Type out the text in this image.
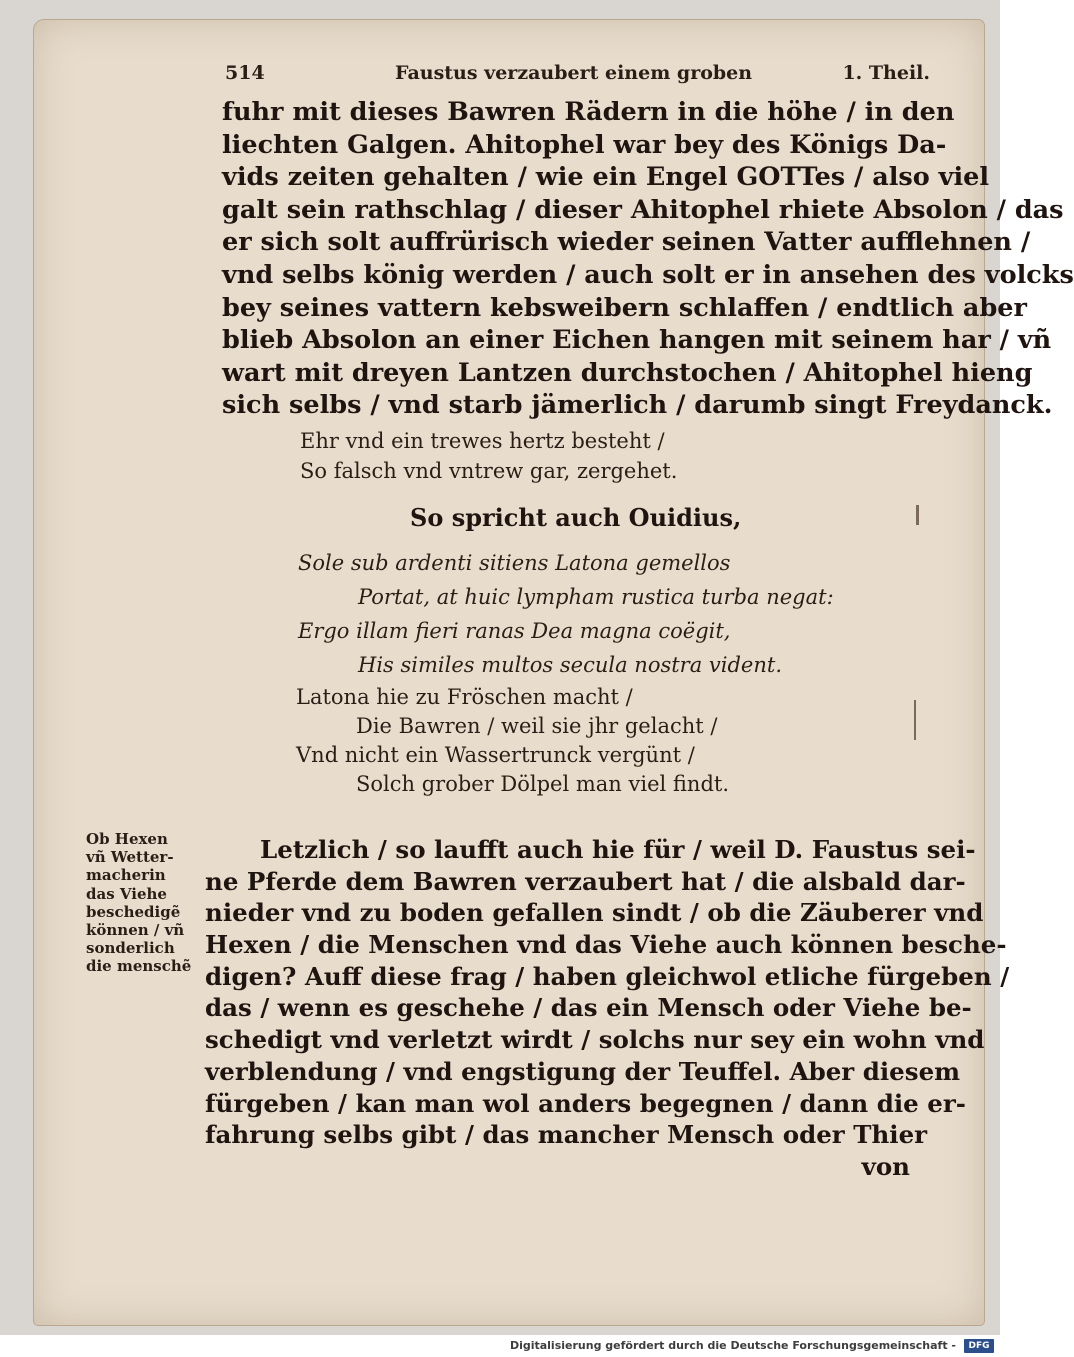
514	Faustus verzaubert einem groben	1. Theil.
fuhr mit dieses Bawren Rädern in die höhe / in den
liechten Galgen. Ahitophel war bey des Königs Da-
vids zeiten gehalten / wie ein Engel GOTTes / also viel
galt sein rathschlag / dieser Ahitophel rhiete Absolon / das
er sich solt auffrürisch wieder seinen Vatter aufflehnen /
vnd selbs könig werden / auch solt er in ansehen des volcks
bey seines vattern kebsweibern schlaffen / endtlich aber
blieb Absolon an einer Eichen hangen mit seinem har / vñ
wart mit dreyen Lantzen durchstochen / Ahitophel hieng
sich selbs / vnd starb jämerlich / darumb singt Freydanck.
Ehr vnd ein trewes hertz besteht /
So falsch vnd vntrew gar, zergehet.
So spricht auch Ouidius,
Sole sub ardenti sitiens Latona gemellos
Portat, at huic lympham rustica turba negat:
Ergo illam fieri ranas Dea magna coëgit,
His similes multos secula nostra vident.
Latona hie zu Fröschen macht /
Die Bawren / weil sie jhr gelacht /
Vnd nicht ein Wassertrunck vergünt /
Solch grober Dölpel man viel findt.
Ob Hexen
vñ Wetter-
macherin
das Viehe
beschedigẽ
können / vñ
sonderlich
die menschẽ
Letzlich / so laufft auch hie für / weil D. Faustus sei-
ne Pferde dem Bawren verzaubert hat / die alsbald dar-
nieder vnd zu boden gefallen sindt / ob die Zäuberer vnd
Hexen / die Menschen vnd das Viehe auch können besche-
digen? Auff diese frag / haben gleichwol etliche fürgeben /
das / wenn es geschehe / das ein Mensch oder Viehe be-
schedigt vnd verletzt wirdt / solchs nur sey ein wohn vnd
verblendung / vnd engstigung der Teuffel. Aber diesem
fürgeben / kan man wol anders begegnen / dann die er-
fahrung selbs gibt / das mancher Mensch oder Thier
von
Digitalisierung gefördert durch die Deutsche Forschungsgemeinschaft -	DFG
